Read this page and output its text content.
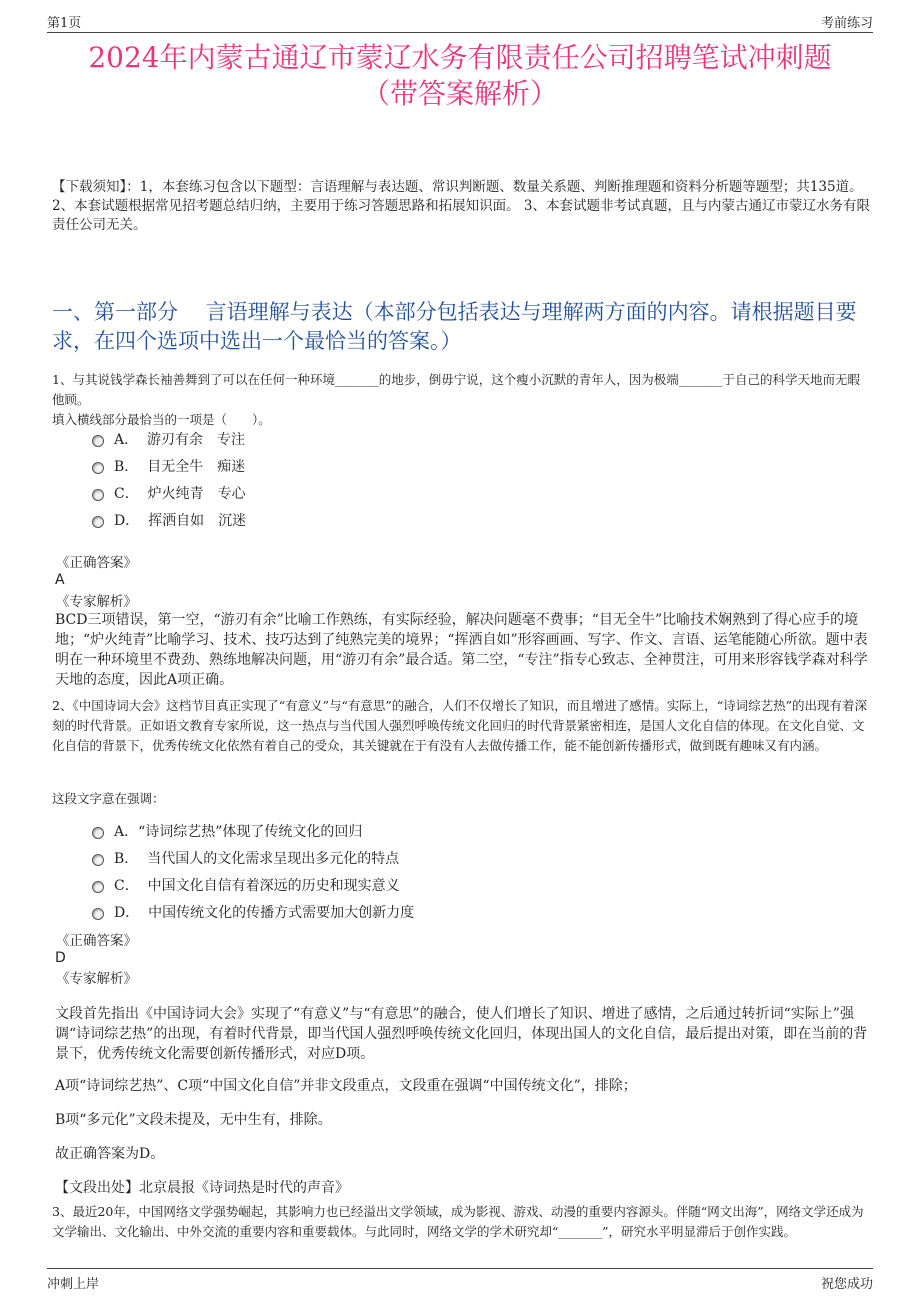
第1页	考前练习
2024年内蒙古通辽市蒙辽水务有限责任公司招聘笔试冲刺题
（带答案解析）
【下载须知】：1，本套练习包含以下题型：言语理解与表达题、常识判断题、数量关系题、判断推理题和资料分析题等题型；共135道。 2、本套试题根据常见招考题总结归纳，主要用于练习答题思路和拓展知识面。 3、本套试题非考试真题，且与内蒙古通辽市蒙辽水务有限责任公司无关。
一、第一部分　 言语理解与表达（本部分包括表达与理解两方面的内容。请根据题目要求，在四个选项中选出一个最恰当的答案。）

1、与其说钱学森长袖善舞到了可以在任何一种环境_______的地步，倒毋宁说，这个瘦小沉默的青年人，因为极端_______于自己的科学天地而无暇他顾。

填入横线部分最恰当的一项是（　　）。

A．  游刃有余　专注
B．  目无全牛　痴迷
C．  炉火纯青　专心
D．  挥洒自如　沉迷
《正确答案》
A
《专家解析》
BCD三项错误，第一空，“游刃有余”比喻工作熟练，有实际经验，解决问题毫不费事；“目无全牛”比喻技术娴熟到了得心应手的境地；“炉火纯青”比喻学习、技术、技巧达到了纯熟完美的境界；“挥洒自如”形容画画、写字、作文、言语、运笔能随心所欲。题中表明在一种环境里不费劲、熟练地解决问题，用“游刃有余”最合适。第二空，“专注”指专心致志、全神贯注，可用来形容钱学森对科学天地的态度，因此A项正确。

2、《中国诗词大会》这档节目真正实现了“有意义”与“有意思”的融合，人们不仅增长了知识，而且增进了感情。实际上，“诗词综艺热”的出现有着深刻的时代背景。正如语文教育专家所说，这一热点与当代国人强烈呼唤传统文化回归的时代背景紧密相连，是国人文化自信的体现。在文化自觉、文化自信的背景下，优秀传统文化依然有着自己的受众，其关键就在于有没有人去做传播工作，能不能创新传播形式，做到既有趣味又有内涵。

这段文字意在强调：
A．“诗词综艺热”体现了传统文化的回归
B．  当代国人的文化需求呈现出多元化的特点
C．  中国文化自信有着深远的历史和现实意义
D．  中国传统文化的传播方式需要加大创新力度
《正确答案》
D
《专家解析》

文段首先指出《中国诗词大会》实现了“有意义”与“有意思”的融合，使人们增长了知识、增进了感情，之后通过转折词“实际上”强调“诗词综艺热”的出现，有着时代背景，即当代国人强烈呼唤传统文化回归，体现出国人的文化自信，最后提出对策，即在当前的背景下，优秀传统文化需要创新传播形式，对应D项。

A项“诗词综艺热”、C项“中国文化自信”并非文段重点，文段重在强调“中国传统文化”，排除；

B项“多元化”文段未提及，无中生有，排除。

故正确答案为D。

【文段出处】北京晨报《诗词热是时代的声音》

3、最近20年，中国网络文学强势崛起，其影响力也已经溢出文学领域，成为影视、游戏、动漫的重要内容源头。伴随“网文出海”，网络文学还成为文学输出、文化输出、中外交流的重要内容和重要载体。与此同时，网络文学的学术研究却“_______”，研究水平明显滞后于创作实践。

冲刺上岸	祝您成功
